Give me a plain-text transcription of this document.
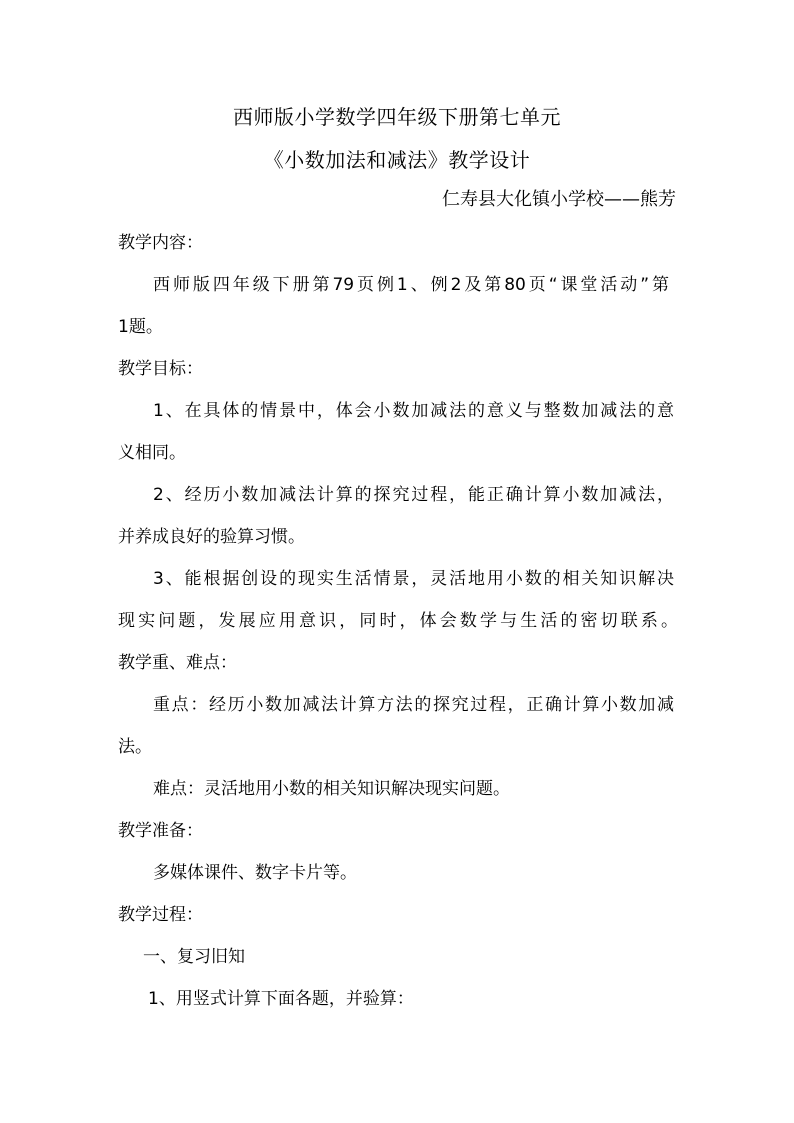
西师版小学数学四年级下册第七单元
《小数加法和减法》教学设计
仁寿县大化镇小学校——熊芳
教学内容：
西师版四年级下册第79页例1、例2及第80页“课堂活动”第
1题。
教学目标：
1、在具体的情景中，体会小数加减法的意义与整数加减法的意
义相同。
2、经历小数加减法计算的探究过程，能正确计算小数加减法，
并养成良好的验算习惯。
3、能根据创设的现实生活情景，灵活地用小数的相关知识解决
现实问题，发展应用意识，同时，体会数学与生活的密切联系。
教学重、难点：
重点：经历小数加减法计算方法的探究过程，正确计算小数加减
法。
难点：灵活地用小数的相关知识解决现实问题。
教学准备：
多媒体课件、数字卡片等。
教学过程：
一、复习旧知
1、用竖式计算下面各题，并验算：
